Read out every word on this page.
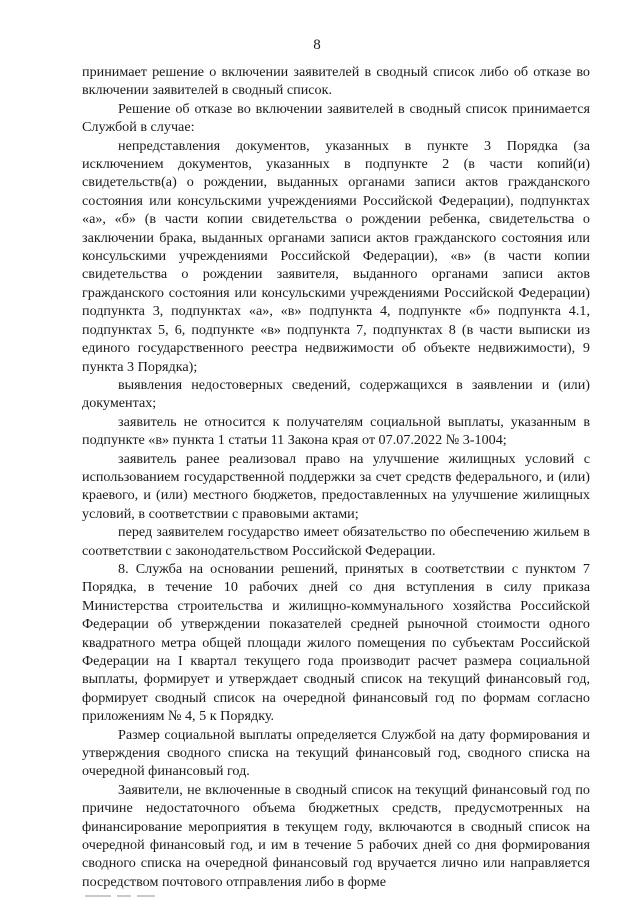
8

принимает решение о включении заявителей в сводный список либо об отказе во включении заявителей в сводный список.

Решение об отказе во включении заявителей в сводный список принимается Службой в случае:

непредставления документов, указанных в пункте 3 Порядка (за исключением документов, указанных в подпункте 2 (в части копий(и) свидетельств(а) о рождении, выданных органами записи актов гражданского состояния или консульскими учреждениями Российской Федерации), подпунктах «а», «б» (в части копии свидетельства о рождении ребенка, свидетельства о заключении брака, выданных органами записи актов гражданского состояния или консульскими учреждениями Российской Федерации), «в» (в части копии свидетельства о рождении заявителя, выданного органами записи актов гражданского состояния или консульскими учреждениями Российской Федерации) подпункта 3, подпунктах «а», «в» подпункта 4, подпункте «б» подпункта 4.1, подпунктах 5, 6, подпункте «в» подпункта 7, подпунктах 8 (в части выписки из единого государственного реестра недвижимости об объекте недвижимости), 9 пункта 3 Порядка);

выявления недостоверных сведений, содержащихся в заявлении и (или) документах;

заявитель не относится к получателям социальной выплаты, указанным в подпункте «в» пункта 1 статьи 11 Закона края от 07.07.2022 № 3-1004;

заявитель ранее реализовал право на улучшение жилищных условий с использованием государственной поддержки за счет средств федерального, и (или) краевого, и (или) местного бюджетов, предоставленных на улучшение жилищных условий, в соответствии с правовыми актами;

перед заявителем государство имеет обязательство по обеспечению жильем в соответствии с законодательством Российской Федерации.

8. Служба на основании решений, принятых в соответствии с пунктом 7 Порядка, в течение 10 рабочих дней со дня вступления в силу приказа Министерства строительства и жилищно-коммунального хозяйства Российской Федерации об утверждении показателей средней рыночной стоимости одного квадратного метра общей площади жилого помещения по субъектам Российской Федерации на I квартал текущего года производит расчет размера социальной выплаты, формирует и утверждает сводный список на текущий финансовый год, формирует сводный список на очередной финансовый год по формам согласно приложениям № 4, 5 к Порядку.

Размер социальной выплаты определяется Службой на дату формирования и утверждения сводного списка на текущий финансовый год, сводного списка на очередной финансовый год.

Заявители, не включенные в сводный список на текущий финансовый год по причине недостаточного объема бюджетных средств, предусмотренных на финансирование мероприятия в текущем году, включаются в сводный список на очередной финансовый год, и им в течение 5 рабочих дней со дня формирования сводного списка на очередной финансовый год вручается лично или направляется посредством почтового отправления либо в форме
